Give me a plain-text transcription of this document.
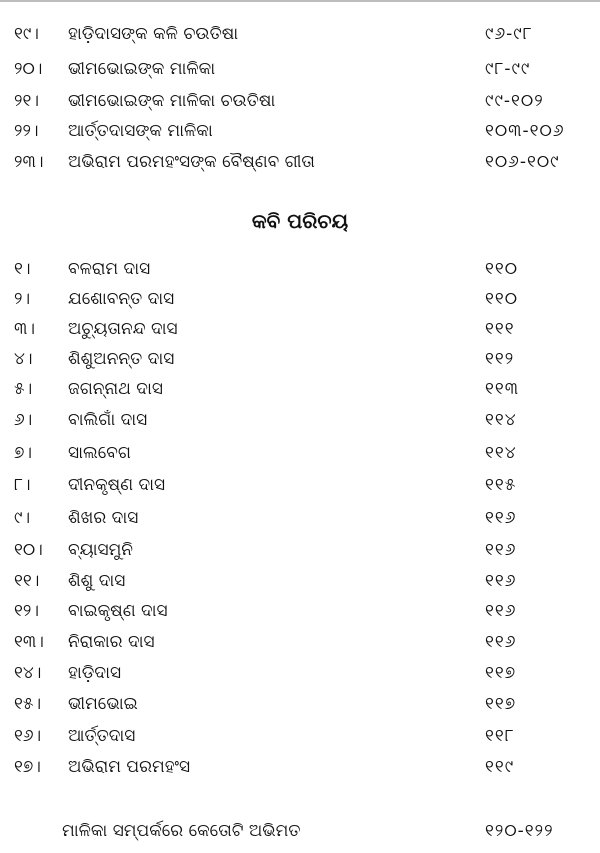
୧୯। ହାଡ଼ିଦାସଙ୍କ କଳି ଚଉତିଷା	୯୬-୯୮
୨୦। ଭୀମଭୋଇଙ୍କ ମାଳିକା	୯୮-୯୯
୨୧। ଭୀମଭୋଇଙ୍କ ମାଳିକା ଚଉତିଷା	୯୯-୧୦୨
୨୨। ଆର୍ତ୍ତଦାସଙ୍କ ମାଳିକା	୧୦୩-୧୦୬
୨୩। ଅଭିରାମ ପରମହଂସଙ୍କ ବୈଷ୍ଣବ ଗୀତା	୧୦୬-୧୦୯
କବି ପରିଚୟ
୧। ବଳରାମ ଦାସ	୧୧୦
୨। ଯଶୋବନ୍ତ ଦାସ	୧୧୦
୩। ଅଚ୍ୟୁତାନନ୍ଦ ଦାସ	୧୧୧
୪। ଶିଶୁଅନନ୍ତ ଦାସ	୧୧୨
୫। ଜଗନ୍ନାଥ ଦାସ	୧୧୩
୬। ବାଲିଗାଁ ଦାସ	୧୧୪
୭। ସାଲବେଗ	୧୧୪
୮। ଦୀନକୃଷ୍ଣ ଦାସ	୧୧୫
୯। ଶିଖର ଦାସ	୧୧୬
୧୦। ବ୍ୟାସମୁନି	୧୧୬
୧୧। ଶିଶୁ ଦାସ	୧୧୬
୧୨। ବାଇକୃଷ୍ଣ ଦାସ	୧୧୬
୧୩। ନିରାକାର ଦାସ	୧୧୬
୧୪। ହାଡ଼ିଦାସ	୧୧୭
୧୫। ଭୀମଭୋଇ	୧୧୭
୧୬। ଆର୍ତ୍ତଦାସ	୧୧୮
୧୭। ଅଭିରାମ ପରମହଂସ	୧୧୯
ମାଳିକା ସମ୍ପର୍କରେ କେତୋଟି ଅଭିମତ	୧୨୦-୧୨୨
